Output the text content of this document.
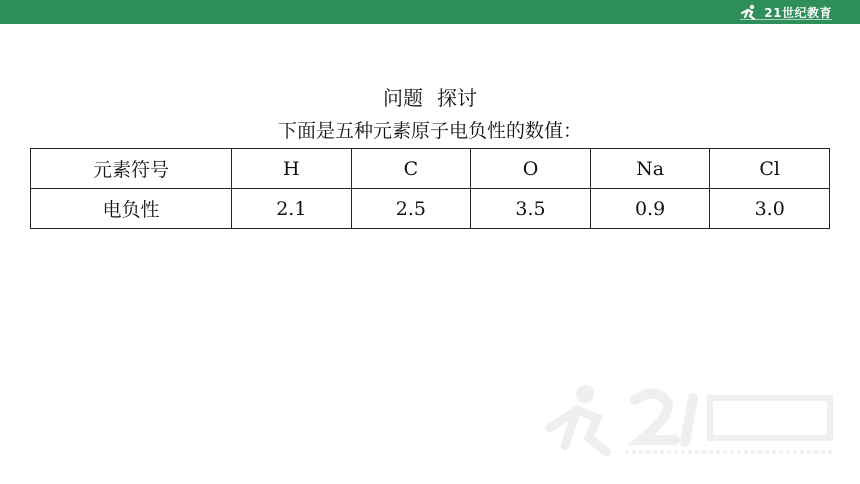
21世纪教育
问题 探讨
下面是五种元素原子电负性的数值：
元素符号	H	C	O	Na	Cl
电负性	2.1	2.5	3.5	0.9	3.0
